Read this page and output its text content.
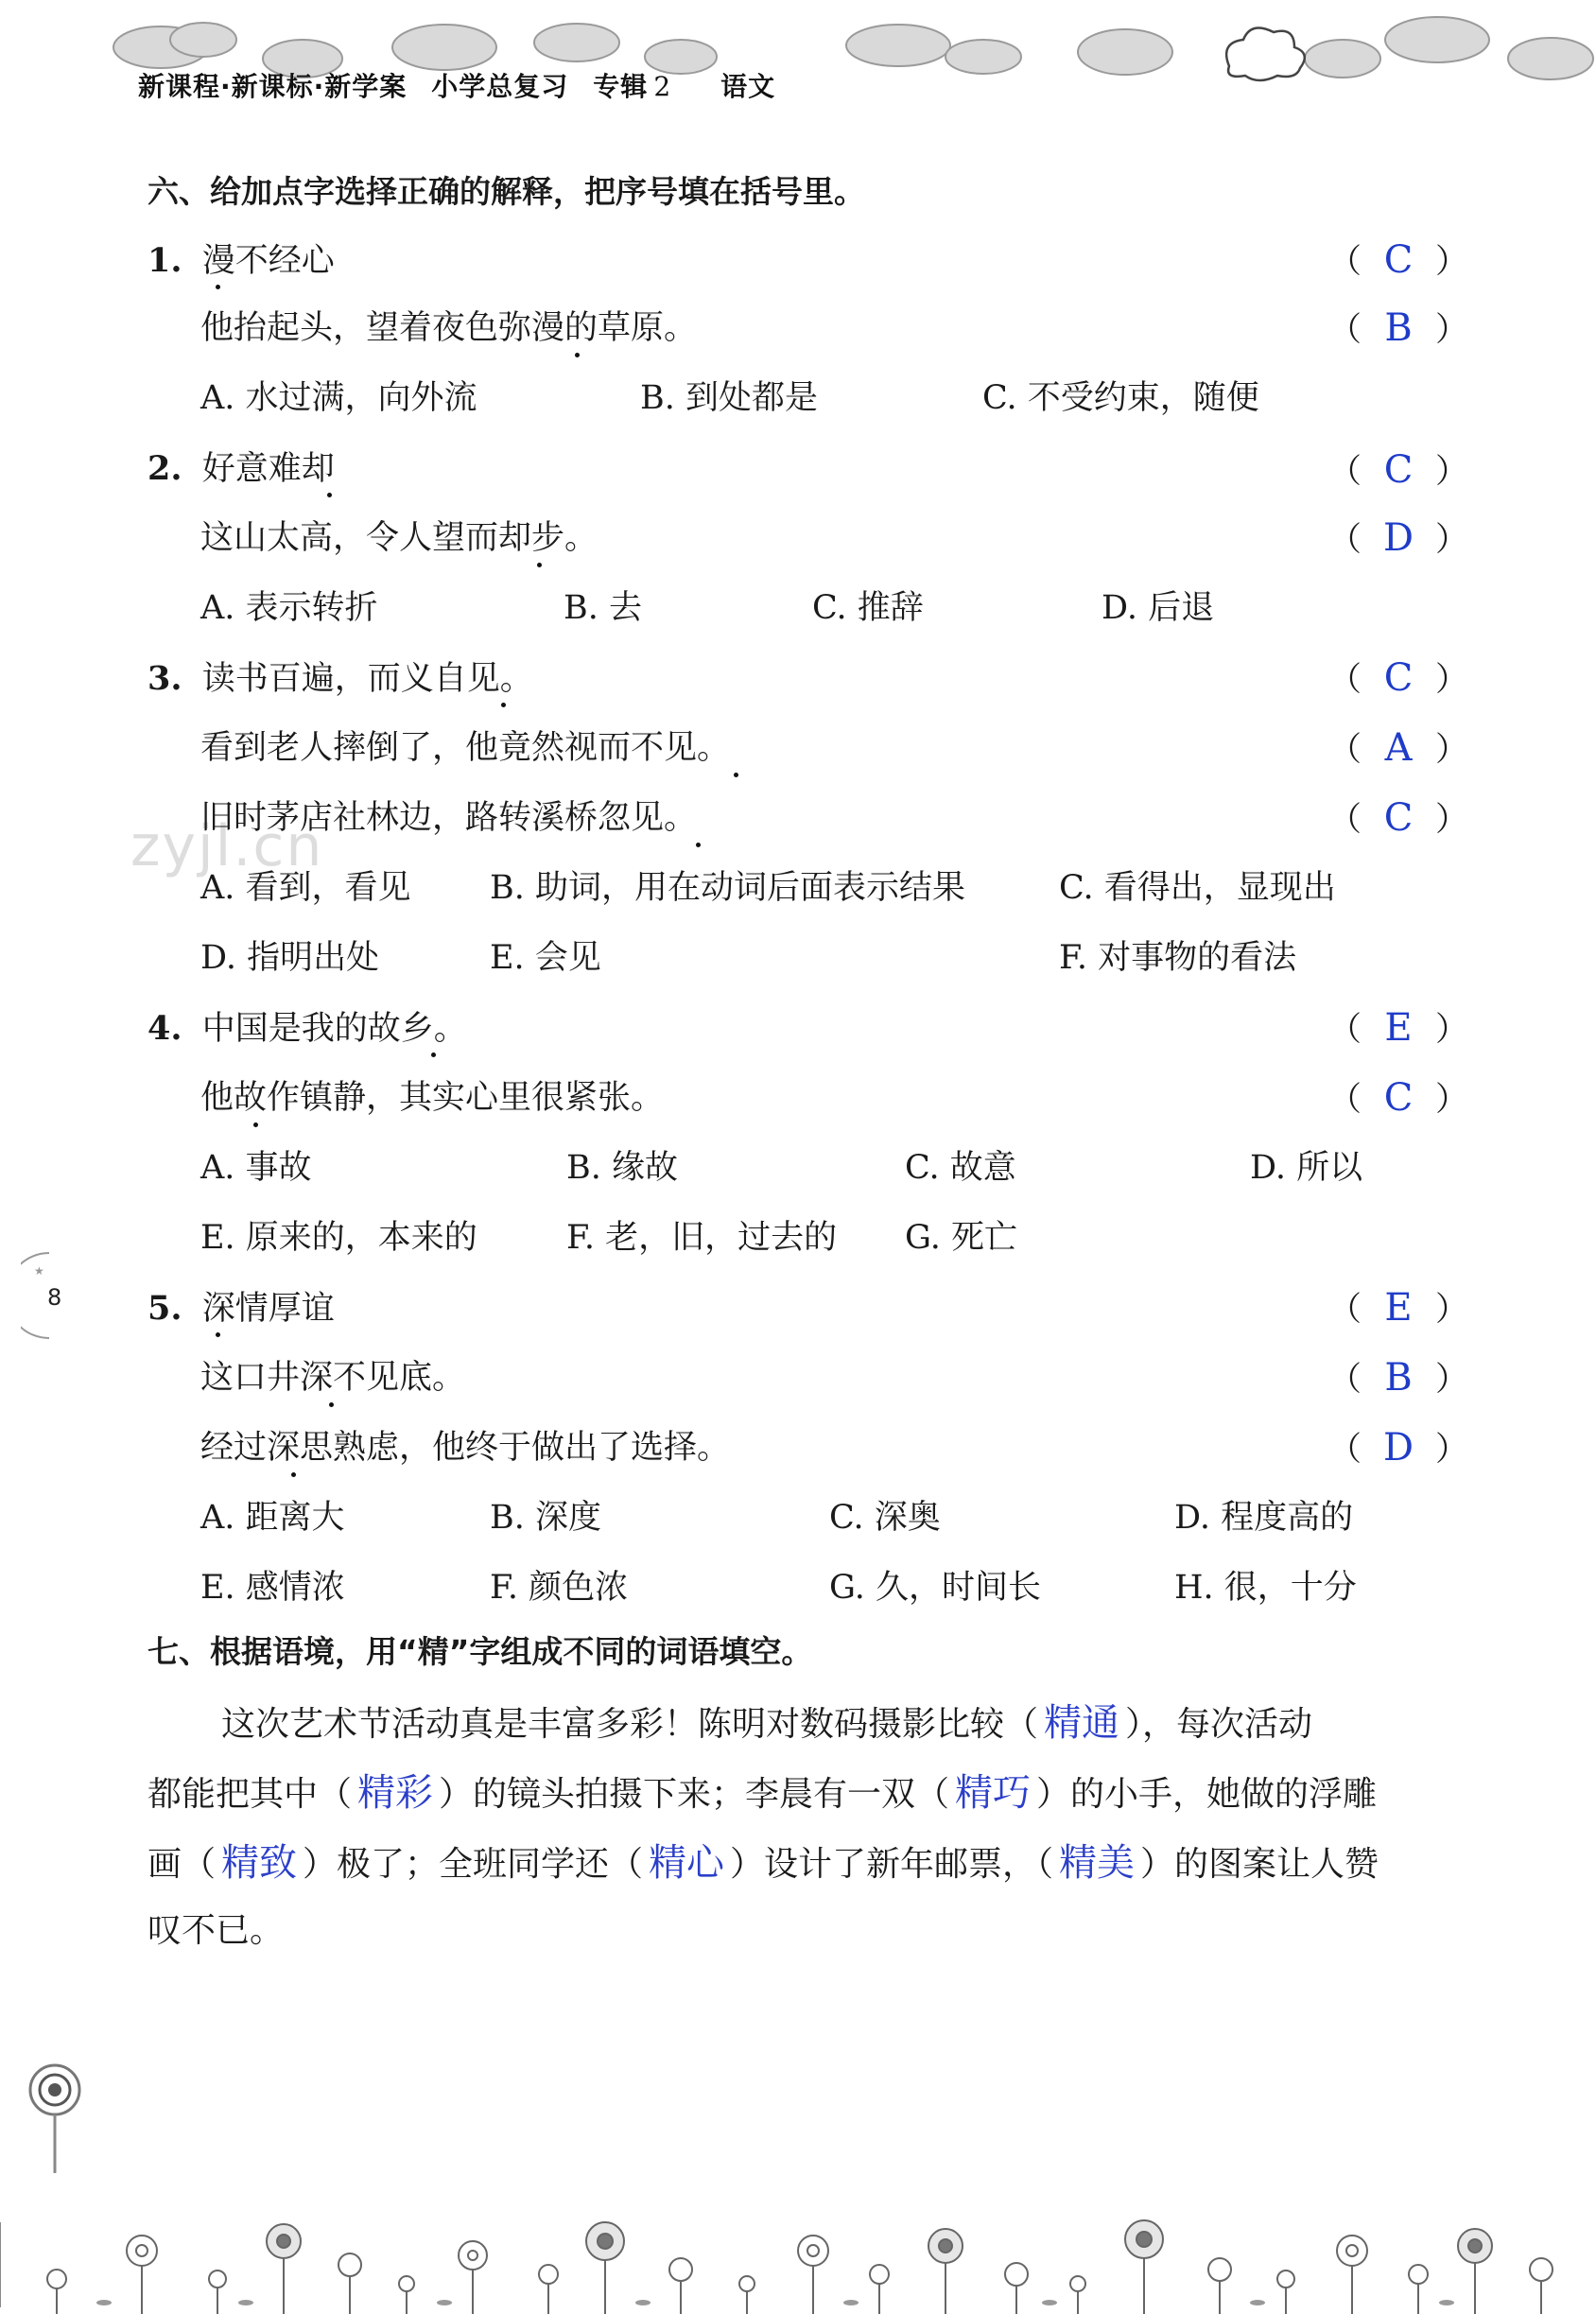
新课程·新课标·新学案 小学总复习 专辑 2 语文
★
8
zyjl.cn
六、给加点字选择正确的解释，把序号填在括号里。
1. 漫不经心	（ C ）
他抬起头，望着夜色弥漫的草原。	（ B ）
A. 水过满，向外流	B. 到处都是	C. 不受约束，随便
2. 好意难却	（ C ）
这山太高，令人望而却步。	（ D ）
A. 表示转折	B. 去	C. 推辞	D. 后退
3. 读书百遍，而义自见。	（ C ）
看到老人摔倒了，他竟然视而不见。	（ A ）
旧时茅店社林边，路转溪桥忽见。	（ C ）
A. 看到，看见 B. 助词，用在动词后面表示结果	C. 看得出，显现出
D. 指明出处	E. 会见	F. 对事物的看法
4. 中国是我的故乡。	（ E ）
他故作镇静，其实心里很紧张。	（ C ）
A. 事故	B. 缘故	C. 故意	D. 所以
E. 原来的，本来的	F. 老，旧，过去的 G. 死亡
5. 深情厚谊	（ E ）
这口井深不见底。	（ B ）
经过深思熟虑，他终于做出了选择。	（ D ）
A. 距离大	B. 深度	C. 深奥	D. 程度高的
E. 感情浓	F. 颜色浓	G. 久，时间长	H. 很，十分
七、根据语境，用“精”字组成不同的词语填空。
这次艺术节活动真是丰富多彩！陈明对数码摄影比较（ 精通 ），每次活动
都能把其中（ 精彩 ）的镜头拍摄下来；李晨有一双（ 精巧 ）的小手，她做的浮雕
画（ 精致 ）极了；全班同学还（ 精心 ）设计了新年邮票，（ 精美 ）的图案让人赞
叹不已。
